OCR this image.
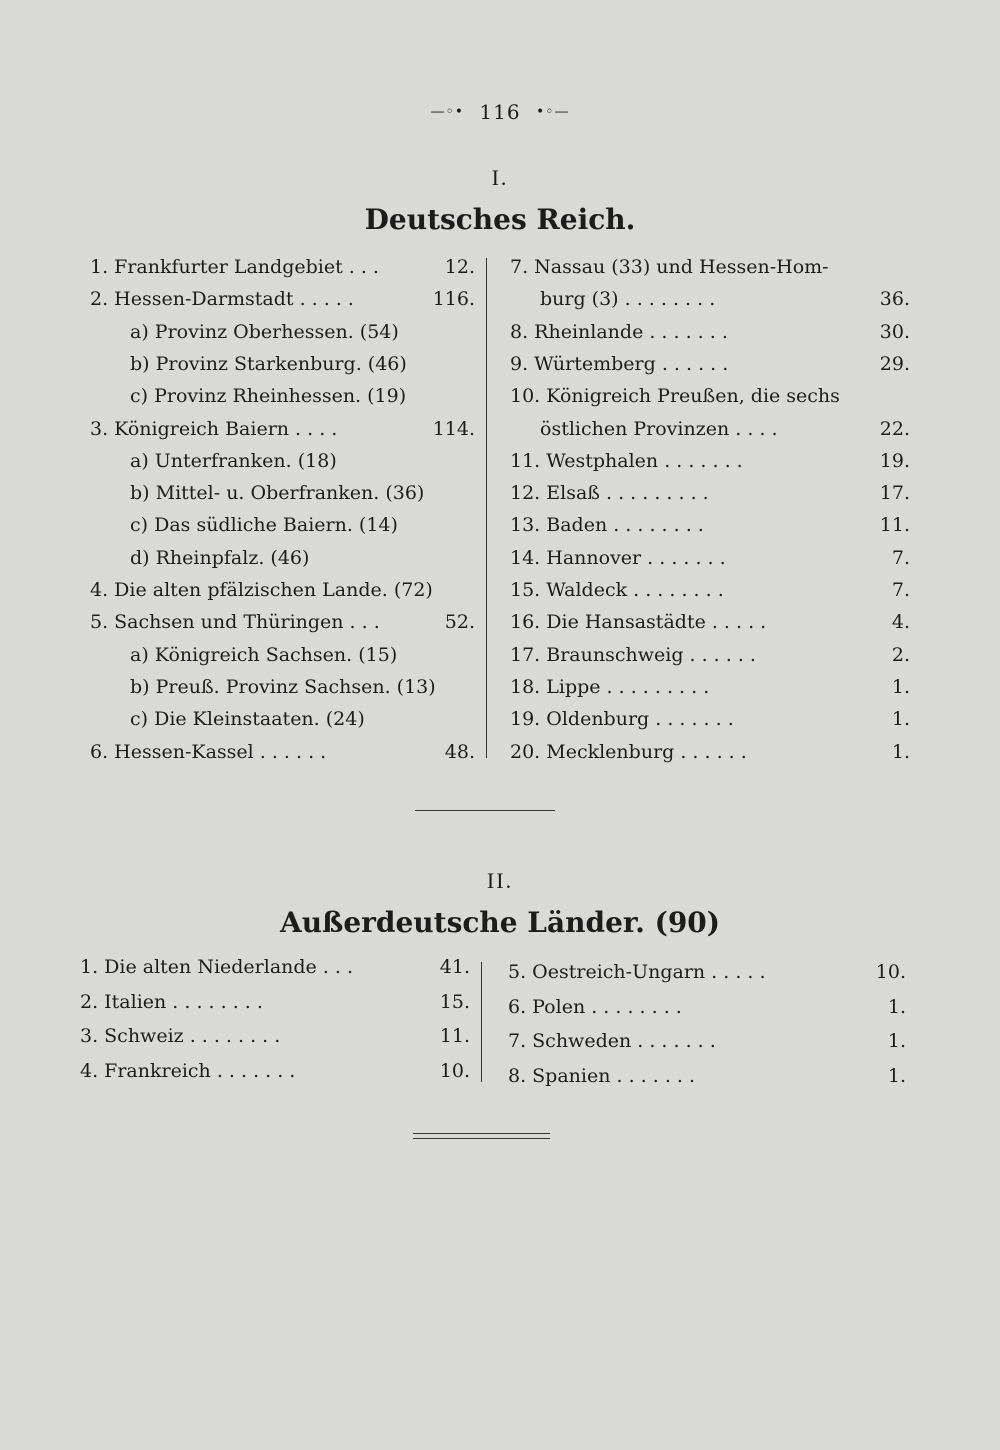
—◦• 116 •◦—
I.
Deutsches Reich.
1. Frankfurter Landgebiet . . .	12.
2. Hessen-Darmstadt . . . . .	116.
a) Provinz Oberhessen. (54)
b) Provinz Starkenburg. (46)
c) Provinz Rheinhessen. (19)
3. Königreich Baiern . . . .	114.
a) Unterfranken. (18)
b) Mittel- u. Oberfranken. (36)
c) Das südliche Baiern. (14)
d) Rheinpfalz. (46)
4. Die alten pfälzischen Lande. (72)
5. Sachsen und Thüringen . . .	52.
a) Königreich Sachsen. (15)
b) Preuß. Provinz Sachsen. (13)
c) Die Kleinstaaten. (24)
6. Hessen-Kassel . . . . . .	48.
7. Nassau (33) und Hessen-Hom-
burg (3) . . . . . . . .	36.
8. Rheinlande . . . . . . .	30.
9. Würtemberg . . . . . .	29.
10. Königreich Preußen, die sechs
östlichen Provinzen . . . .	22.
11. Westphalen . . . . . . .	19.
12. Elsaß . . . . . . . . .	17.
13. Baden . . . . . . . .	11.
14. Hannover . . . . . . .	7.
15. Waldeck . . . . . . . .	7.
16. Die Hansastädte . . . . .	4.
17. Braunschweig . . . . . .	2.
18. Lippe . . . . . . . . .	1.
19. Oldenburg . . . . . . .	1.
20. Mecklenburg . . . . . .	1.
II.
Außerdeutsche Länder. (90)
1. Die alten Niederlande . . .	41.
2. Italien . . . . . . . .	15.
3. Schweiz . . . . . . . .	11.
4. Frankreich . . . . . . .	10.
5. Oestreich-Ungarn . . . . .	10.
6. Polen . . . . . . . .	1.
7. Schweden . . . . . . .	1.
8. Spanien . . . . . . .	1.
